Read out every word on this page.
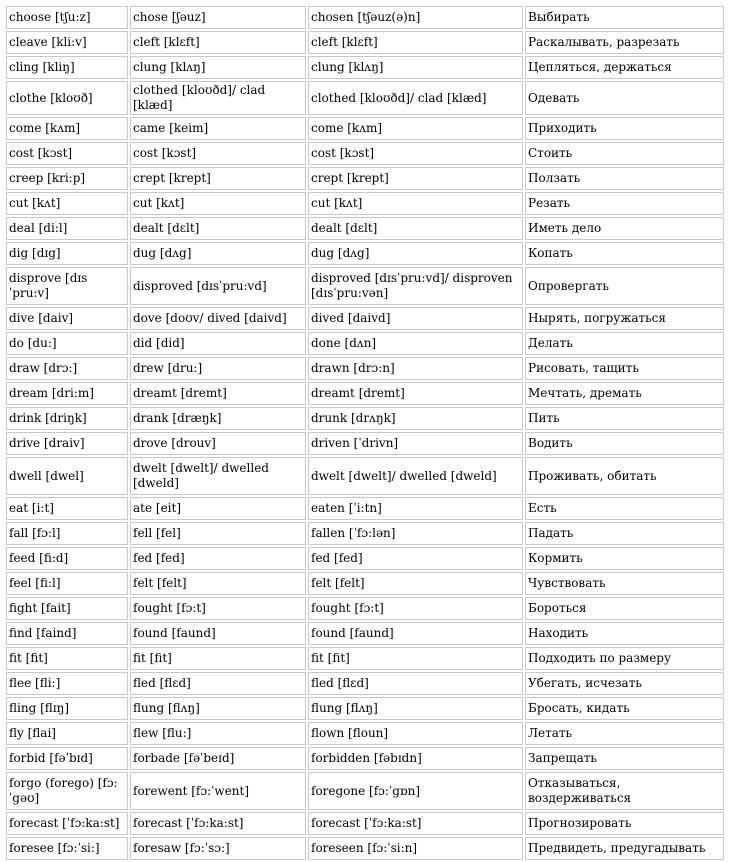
choose [tʃu:z]	chose [ʃəuz]	chosen [tʃəuz(ə)n]	Выбирать
cleave [kli:v]	cleft [klɛft]	cleft [klɛft]	Раскалывать, разрезать
cling [kliŋ]	clung [klʌŋ]	clung [klʌŋ]	Цепляться, держаться
clothe [kloʊð]	clothed [kloʊðd]/ clad [klæd]	clothed [kloʊðd]/ clad [klæd]	Одевать
come [kʌm]	came [keim]	come [kʌm]	Приходить
cost [kɔst]	cost [kɔst]	cost [kɔst]	Стоить
creep [kri:p]	crept [krept]	crept [krept]	Ползать
cut [kʌt]	cut [kʌt]	cut [kʌt]	Резать
deal [di:l]	dealt [dɛlt]	dealt [dɛlt]	Иметь дело
dig [dɪg]	dug [dʌg]	dug [dʌg]	Копать
disprove [dɪsˈpru:v]	disproved [dɪsˈpru:vd]	disproved [dɪsˈpru:vd]/ disproven [dɪsˈpru:vən]	Опровергать
dive [daiv]	dove [doʊv/ dived [daivd]	dived [daivd]	Нырять, погружаться
do [du:]	did [did]	done [dʌn]	Делать
draw [drɔ:]	drew [dru:]	drawn [drɔ:n]	Рисовать, тащить
dream [dri:m]	dreamt [dremt]	dreamt [dremt]	Мечтать, дремать
drink [driŋk]	drank [dræŋk]	drunk [drʌŋk]	Пить
drive [draiv]	drove [drouv]	driven [ˈdrivn]	Водить
dwell [dwel]	dwelt [dwelt]/ dwelled [dweld]	dwelt [dwelt]/ dwelled [dweld]	Проживать, обитать
eat [i:t]	ate [eit]	eaten [ˈi:tn]	Есть
fall [fɔ:l]	fell [fel]	fallen [ˈfɔ:lən]	Падать
feed [fi:d]	fed [fed]	fed [fed]	Кормить
feel [fi:l]	felt [felt]	felt [felt]	Чувствовать
fight [fait]	fought [fɔ:t]	fought [fɔ:t]	Бороться
find [faind]	found [faund]	found [faund]	Находить
fit [fit]	fit [fit]	fit [fit]	Подходить по размеру
flee [fli:]	fled [flɛd]	fled [flɛd]	Убегать, исчезать
fling [flɪŋ]	flung [flʌŋ]	flung [flʌŋ]	Бросать, кидать
fly [flai]	flew [flu:]	flown [floun]	Летать
forbid [fəˈbɪd]	forbade [fəˈbeɪd]	forbidden [fəbɪdn]	Запрещать
forgo (forego) [fɔ:ˈgəʊ]	forewent [fɔ:ˈwent]	foregone [fɔ:ˈgɒn]	Отказываться, воздерживаться
forecast [ˈfɔ:ka:st]	forecast [ˈfɔ:ka:st]	forecast [ˈfɔ:ka:st]	Прогнозировать
foresee [fɔ:ˈsi:]	foresaw [fɔ:ˈsɔ:]	foreseen [fɔ:ˈsi:n]	Предвидеть, предугадывать
